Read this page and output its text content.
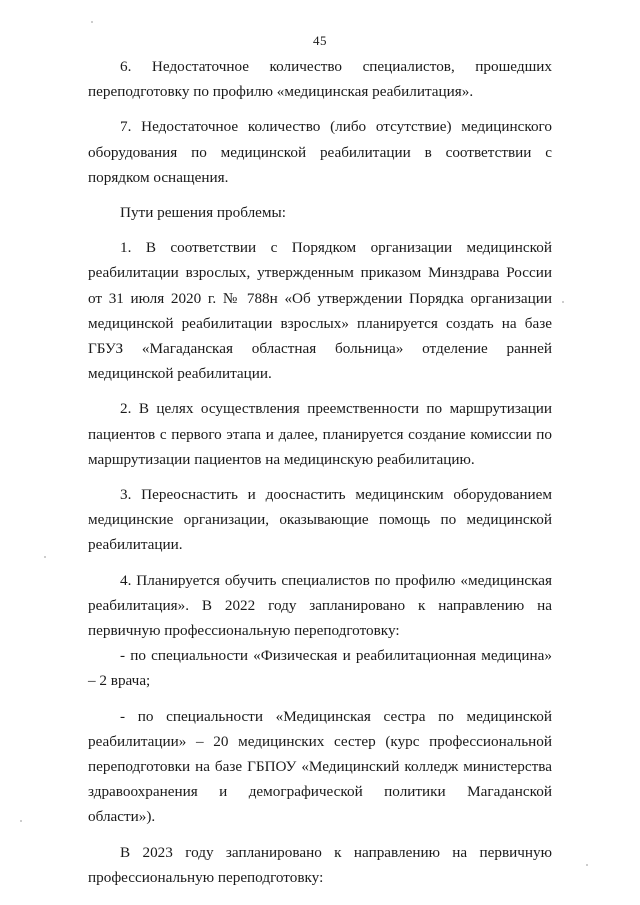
45

6. Недостаточное количество специалистов, прошедших переподготовку по профилю «медицинская реабилитация».

7. Недостаточное количество (либо отсутствие) медицинского оборудования по медицинской реабилитации в соответствии с порядком оснащения.

Пути решения проблемы:

1. В соответствии с Порядком организации медицинской реабилитации взрослых, утвержденным приказом Минздрава России от 31 июля 2020 г. № 788н «Об утверждении Порядка организации медицинской реабилитации взрослых» планируется создать на базе ГБУЗ «Магаданская областная больница» отделение ранней медицинской реабилитации.

2. В целях осуществления преемственности по маршрутизации пациентов с первого этапа и далее, планируется создание комиссии по маршрутизации пациентов на медицинскую реабилитацию.

3. Переоснастить и дооснастить медицинским оборудованием медицинские организации, оказывающие помощь по медицинской реабилитации.

4. Планируется обучить специалистов по профилю «медицинская реабилитация». В 2022 году запланировано к направлению на первичную профессиональную переподготовку:

- по специальности «Физическая и реабилитационная медицина» – 2 врача;

- по специальности «Медицинская сестра по медицинской реабилитации» – 20 медицинских сестер (курс профессиональной переподготовки на базе ГБПОУ «Медицинский колледж министерства здравоохранения и демографической политики Магаданской области»).

В 2023 году запланировано к направлению на первичную профессиональную переподготовку:
